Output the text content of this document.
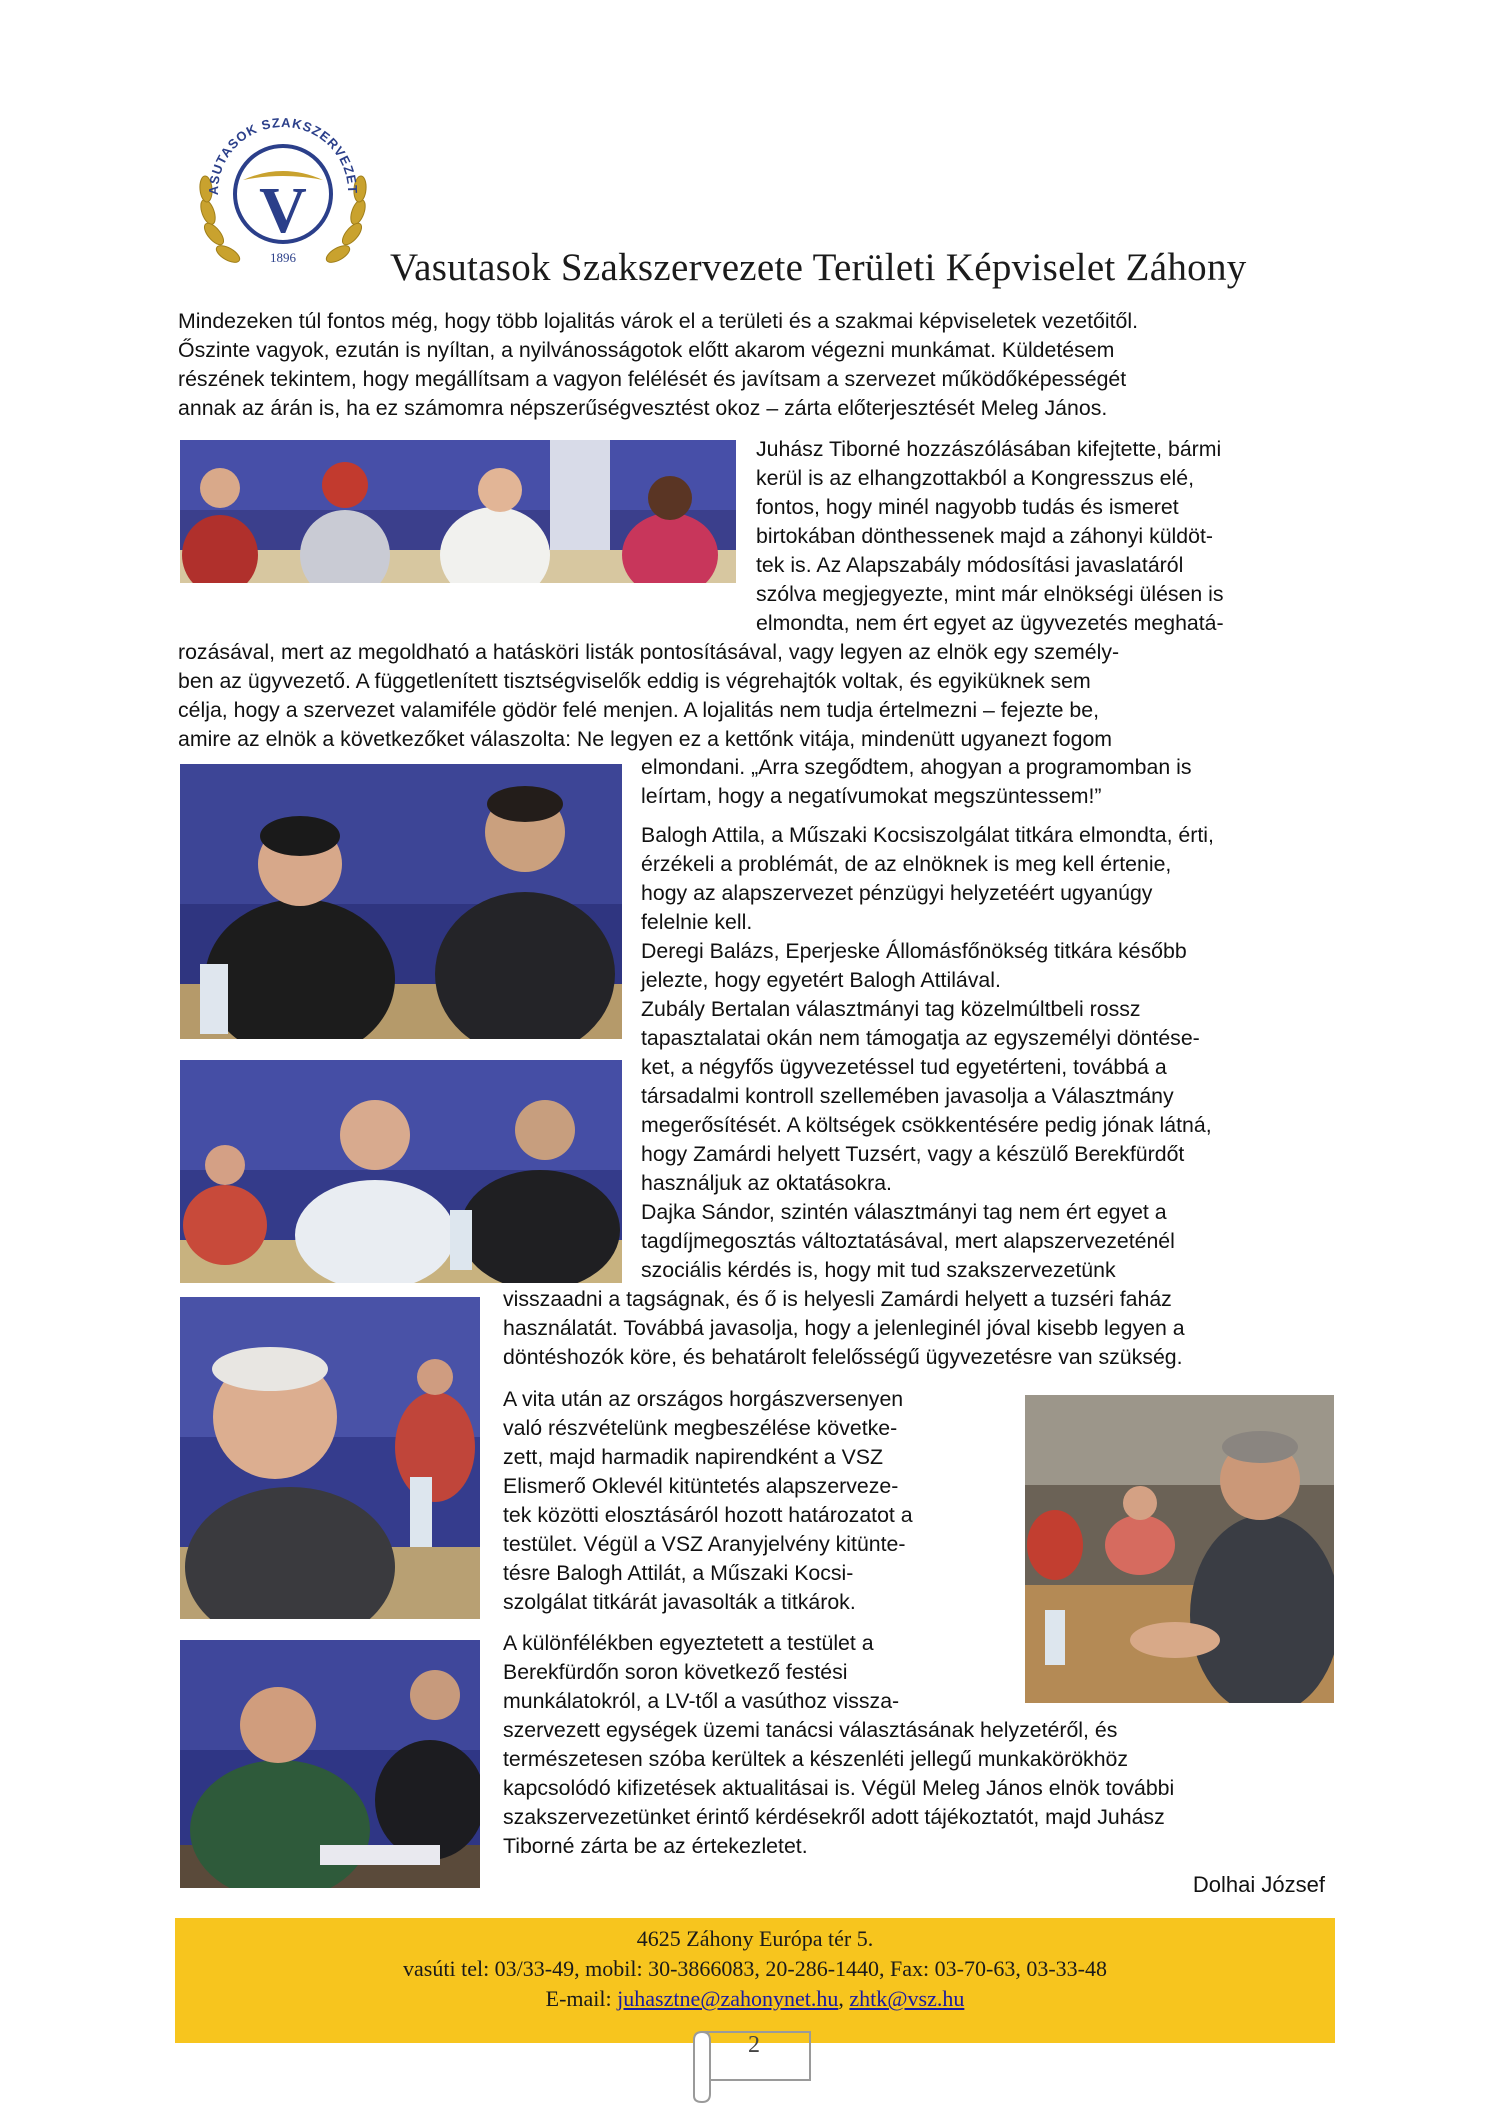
V
ASUTASOK SZAKSZERVEZET
1896 Vasutasok Szakszervezete Területi Képviselet Záhony
Mindezeken túl fontos még, hogy több lojalitás várok el a területi és a szakmai képviseletek vezetőitől.
Őszinte vagyok, ezután is nyíltan, a nyilvánosságotok előtt akarom végezni munkámat. Küldetésem
részének tekintem, hogy megállítsam a vagyon felélését és javítsam a szervezet működőképességét
annak az árán is, ha ez számomra népszerűségvesztést okoz – zárta előterjesztését Meleg János.
Juhász Tiborné hozzászólásában kifejtette, bármi
kerül is az elhangzottakból a Kongresszus elé,
fontos, hogy minél nagyobb tudás és ismeret
birtokában dönthessenek majd a záhonyi küldöt-
tek is. Az Alapszabály módosítási javaslatáról
szólva megjegyezte, mint már elnökségi ülésen is
elmondta, nem ért egyet az ügyvezetés meghatá-
rozásával, mert az megoldható a hatásköri listák pontosításával, vagy legyen az elnök egy személy-
ben az ügyvezető. A függetlenített tisztségviselők eddig is végrehajtók voltak, és egyiküknek sem
célja, hogy a szervezet valamiféle gödör felé menjen. A lojalitás nem tudja értelmezni – fejezte be,
amire az elnök a következőket válaszolta: Ne legyen ez a kettőnk vitája, mindenütt ugyanezt fogom
elmondani. „Arra szegődtem, ahogyan a programomban is
leírtam, hogy a negatívumokat megszüntessem!”
Balogh Attila, a Műszaki Kocsiszolgálat titkára elmondta, érti,
érzékeli a problémát, de az elnöknek is meg kell értenie,
hogy az alapszervezet pénzügyi helyzetéért ugyanúgy
felelnie kell.
Deregi Balázs, Eperjeske Állomásfőnökség titkára később
jelezte, hogy egyetért Balogh Attilával.
Zubály Bertalan választmányi tag közelmúltbeli rossz
tapasztalatai okán nem támogatja az egyszemélyi döntése-
ket, a négyfős ügyvezetéssel tud egyetérteni, továbbá a
társadalmi kontroll szellemében javasolja a Választmány
megerősítését. A költségek csökkentésére pedig jónak látná,
hogy Zamárdi helyett Tuzsért, vagy a készülő Berekfürdőt
használjuk az oktatásokra.
Dajka Sándor, szintén választmányi tag nem ért egyet a
tagdíjmegosztás változtatásával, mert alapszervezeténél
szociális kérdés is, hogy mit tud szakszervezetünk
visszaadni a tagságnak, és ő is helyesli Zamárdi helyett a tuzséri faház
használatát. Továbbá javasolja, hogy a jelenleginél jóval kisebb legyen a
döntéshozók köre, és behatárolt felelősségű ügyvezetésre van szükség.
A vita után az országos horgászversenyen
való részvételünk megbeszélése követke-
zett, majd harmadik napirendként a VSZ
Elismerő Oklevél kitüntetés alapszerveze-
tek közötti elosztásáról hozott határozatot a
testület. Végül a VSZ Aranyjelvény kitünte-
tésre Balogh Attilát, a Műszaki Kocsi-
szolgálat titkárát javasolták a titkárok.
A különfélékben egyeztetett a testület a
Berekfürdőn soron következő festési
munkálatokról, a LV-től a vasúthoz vissza-
szervezett egységek üzemi tanácsi választásának helyzetéről, és
természetesen szóba kerültek a készenléti jellegű munkakörökhöz
kapcsolódó kifizetések aktualitásai is. Végül Meleg János elnök további
szakszervezetünket érintő kérdésekről adott tájékoztatót, majd Juhász
Tiborné zárta be az értekezletet.
Dolhai József
4625 Záhony Európa tér 5.
vasúti tel: 03/33-49, mobil: 30-3866083, 20-286-1440, Fax: 03-70-63, 03-33-48
E-mail: juhasztne@zahonynet.hu, zhtk@vsz.hu
2
